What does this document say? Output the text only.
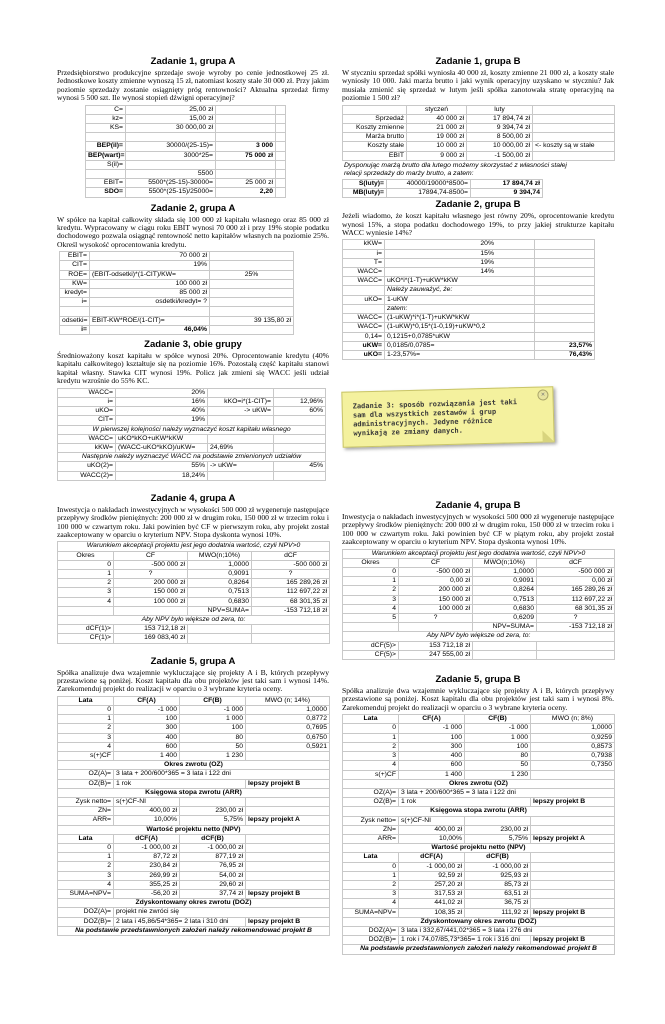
Zadanie 1, grupa A
Przedsiębiorstwo produkcyjne sprzedaje swoje wyroby po cenie jednostkowej 25 zł. Jednostkowe koszty zmienne wynoszą 15 zł, natomiast koszty stałe 30 000 zł. Przy jakim poziomie sprzedaży zostanie osiągnięty próg rentowności? Aktualna sprzedaż firmy wynosi 5 500 szt. Ile wynosi stopień dźwigni operacyjnej?
C=	25,00 zł		
kz=	15,00 zł		
KS=	30 000,00 zł		

BEP(il)=	30000/(25-15)=	3 000	
BEP(wart)=	3000*25=	75 000 zł	
S(il)=			
	5500		
EBIT=	5500*(25-15)-30000=	25 000 zł	
SDO=	5500*(25-15)/25000=	2,20	
Zadanie 2, grupa A
W spółce na kapitał całkowity składa się 100 000 zł kapitału własnego oraz 85 000 zł kredytu. Wypracowany w ciągu roku EBIT wynosi 70 000 zł i przy 19% stopie podatku dochodowego pozwala osiągnąć rentowność netto kapitałów własnych na poziomie 25%. Określ wysokość oprocentowania kredytu.
EBIT=	70 000 zł	
CIT=	19%	
ROE=	(EBIT-odsetki)*(1-CIT)/KW=	25%
KW=	100 000 zł	
kredyt=	85 000 zł	
i=	osdetki/kredyt= ?	

odsetki=	EBIT-KW*ROE/(1-CIT)=	39 135,80 zł
i=	46,04%	
Zadanie 3, obie grupy
Średnioważony koszt kapitału w spółce wynosi 20%. Oprocentowanie kredytu (40% kapitału całkowitego) kształtuje się na poziomie 16%. Pozostałą część kapitału stanowi kapitał własny. Stawka CIT wynosi 19%. Policz jak zmieni się WACC jeśli udział kredytu wzrośnie do 55% KC.
WACC=	20%		
i=	16%	kKO=i*(1-CIT)=	12,96%
uKO=	40%	-> uKW=	60%
CIT=	19%		
W pierwszej kolejności należy wyznaczyć koszt kapitału własnego			
WACC=	uKO*kKO+uKW*kKW		
kKW=	(WACC-uKO*kKO)/uKW=	24,69%	
Następnie należy wyznaczyć WACC na podstawie zmienionych udziałów			
uKO(2)=	55%	-> uKW=	45%
WACC(2)=	18,24%		
Zadanie 4, grupa A
Inwestycja o nakładach inwestycyjnych w wysokości 500 000 zł wygeneruje następujące przepływy środków pieniężnych: 200 000 zł w drugim roku, 150 000 zł w trzecim roku i 100 000 w czwartym roku. Jaki powinien być CF w pierwszym roku, aby projekt został zaakceptowany w oparciu o kryterium NPV. Stopa dyskonta wynosi 10%.
Warunkiem akceptacji projektu jest jego dodatnia wartość, czyli NPV>0			
Okres	CF	MWO(n;10%)	dCF
0	-500 000 zł	1,0000	-500 000 zł
1	?	0,9091	?
2	200 000 zł	0,8264	165 289,26 zł
3	150 000 zł	0,7513	112 697,22 zł
4	100 000 zł	0,6830	68 301,35 zł
		NPV=SUMA=	-153 712,18 zł
Aby NPV było większe od zera, to:			
dCF(1)>	153 712,18 zł		
CF(1)>	169 083,40 zł		
Zadanie 5, grupa A
Spółka analizuje dwa wzajemnie wykluczające się projekty A i B, których przepływy przestawione są poniżej. Koszt kapitału dla obu projektów jest taki sam i wynosi 14%. Zarekomenduj projekt do realizacji w oparciu o 3 wybrane kryteria oceny.
Lata	CF(A)	CF(B)	MWO (n; 14%)
0	-1 000	-1 000	1,0000
1	100	1 000	0,8772
2	300	100	0,7695
3	400	80	0,6750
4	600	50	0,5921
s(+)CF	1 400	1 230	
Okres zwrotu (OZ)			
OZ(A)=	3 lata + 200/600*365 = 3 lata i 122 dni		
OZ(B)=	1 rok		lepszy projekt B
Księgowa stopa zwrotu (ARR)			
Zysk netto=	s(+)CF-NI		
ZN=	400,00 zł	230,00 zł	
ARR=	10,00%	5,75%	lepszy projekt A
Wartość projektu netto (NPV)			
Lata	dCF(A)	dCF(B)	
0	-1 000,00 zł	-1 000,00 zł	
1	87,72 zł	877,19 zł	
2	230,84 zł	76,95 zł	
3	269,99 zł	54,00 zł	
4	355,25 zł	29,60 zł	
SUMA=NPV=	-56,20 zł	37,74 zł	lepszy projekt B
Zdyskontowany okres zwrotu (DOZ)			
DOZ(A)=	projekt nie zwróci się		
DOZ(B)=	2 lata i 45,86/54*365= 2 lata i 310 dni		lepszy projekt B
Na podstawie przedstawnionych założeń należy rekomendować projekt B			
Zadanie 1, grupa B
W styczniu sprzedaż spółki wyniosła 40 000 zł, koszty zmienne 21 000 zł, a koszty stałe wyniosły 10 000. Jaki marża brutto i jaki wynik operacyjny uzyskano w styczniu? Jak musiała zmienić się sprzedaż w lutym jeśli spółka zanotowała stratę operacyjną na poziomie 1 500 zł?
	styczeń	luty	
Sprzedaż	40 000 zł	17 894,74 zł	
Koszty zmienne	21 000 zł	9 394,74 zł	
Marża brutto	19 000 zł	8 500,00 zł	
Koszty stałe	10 000 zł	10 000,00 zł	<- koszty są w stałe
EBIT	9 000 zł	-1 500,00 zł	
Dysponując marżą brutto dla lutego możemy skorzystać z własności stałej relacji sprzedaży do marży brutto, a zatem:
S(luty)=	40000/19000*8500=	17 894,74 zł
MB(luty)=	17894,74-8500=	9 394,74
Zadanie 2, grupa B
Jeżeli wiadomo, że koszt kapitału własnego jest równy 20%, oprocentowanie kredytu wynosi 15%, a stopa podatku dochodowego 19%, to przy jakiej strukturze kapitału WACC wyniesie 14%?
kKW=	20%	
i=	15%	
T=	19%	
WACC=	14%	
WACC=	uKO*i*(1-T)+uKW*kKW	
	Należy zauważyć, że:	
uKO=	1-uKW	
	zatem:	
WACC=	(1-uKW)*i*(1-T)+uKW*kKW	
WACC=	(1-uKW)*0,15*(1-0,19)+uKW*0,2	
0,14=	0,1215+0,0785*uKW	
uKW=	0,0185/0,0785=	23,57%
uKO=	1-23,57%=	76,43%
×
Zadanie 3: sposób rozwiązania jest taki sam dla wszystkich zestawów i grup administracyjnych. Jedyne różnice wynikają ze zmiany danych.
Zadanie 4, grupa B
Inwestycja o nakładach inwestycyjnych w wysokości 500 000 zł wygeneruje następujące przepływy środków pieniężnych: 200 000 zł w drugim roku, 150 000 zł w trzecim roku i 100 000 w czwartym roku. Jaki powinien być CF w piątym roku, aby projekt został zaakceptowany w oparciu o kryterium NPV. Stopa dyskonta wynosi 10%.
Warunkiem akceptacji projektu jest jego dodatnia wartość, czyli NPV>0			
Okres	CF	MWO(n;10%)	dCF
0	-500 000 zł	1,0000	-500 000 zł
1	0,00 zł	0,9091	0,00 zł
2	200 000 zł	0,8264	165 289,26 zł
3	150 000 zł	0,7513	112 697,22 zł
4	100 000 zł	0,6830	68 301,35 zł
5	?	0,6209	?
		NPV=SUMA=	-153 712,18 zł
Aby NPV było większe od zera, to:			
dCF(5)>	153 712,18 zł		
CF(5)>	247 555,00 zł		
Zadanie 5, grupa B
Spółka analizuje dwa wzajemnie wykluczające się projekty A i B, których przepływy przestawione są poniżej. Koszt kapitału dla obu projektów jest taki sam i wynosi 8%. Zarekomenduj projekt do realizacji w oparciu o 3 wybrane kryteria oceny.
Lata	CF(A)	CF(B)	MWO (n; 8%)
0	-1 000	-1 000	1,0000
1	100	1 000	0,9259
2	300	100	0,8573
3	400	80	0,7938
4	600	50	0,7350
s(+)CF	1 400	1 230	
Okres zwrotu (OZ)			
OZ(A)=	3 lata + 200/600*365 = 3 lata i 122 dni		
OZ(B)=	1 rok		lepszy projekt B
Księgowa stopa zwrotu (ARR)			
Zysk netto=	s(+)CF-NI		
ZN=	400,00 zł	230,00 zł	
ARR=	10,00%	5,75%	lepszy projekt A
Wartość projektu netto (NPV)			
Lata	dCF(A)	dCF(B)	
0	-1 000,00 zł	-1 000,00 zł	
1	92,59 zł	925,93 zł	
2	257,20 zł	85,73 zł	
3	317,53 zł	63,51 zł	
4	441,02 zł	36,75 zł	
SUMA=NPV=	108,35 zł	111,92 zł	lepszy projekt B
Zdyskontowany okres zwrotu (DOZ)			
DOZ(A)=	3 lata i 332,67/441,02*365 = 3 lata i 276 dni		
DOZ(B)=	1 rok i 74,07/85,73*365= 1 rok i 316 dni		lepszy projekt B
Na podstawie przedstawnionych założeń należy rekomendować projekt B			
